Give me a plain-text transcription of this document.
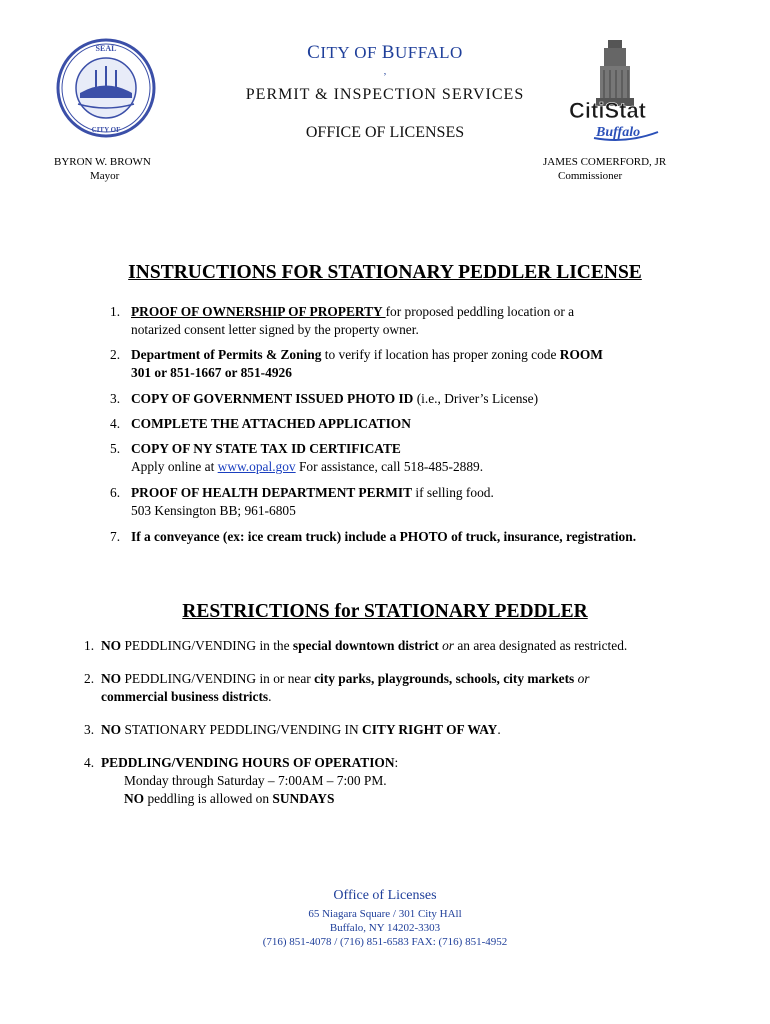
SEAL
CITY OF
CitiStat
Buffalo
CITY OF BUFFALO
,
PERMIT & INSPECTION SERVICES
OFFICE OF LICENSES
BYRON W. BROWN
Mayor
JAMES COMERFORD, JR
Commissioner
INSTRUCTIONS FOR STATIONARY PEDDLER LICENSE
1. PROOF OF OWNERSHIP OF PROPERTY for proposed peddling location or a
notarized consent letter signed by the property owner.
2. Department of Permits & Zoning to verify if location has proper zoning code ROOM
301 or 851-1667 or 851-4926
3. COPY OF GOVERNMENT ISSUED PHOTO ID (i.e., Driver’s License)
4. COMPLETE THE ATTACHED APPLICATION
5. COPY OF NY STATE TAX ID CERTIFICATE
Apply online at www.opal.gov For assistance, call 518-485-2889.
6. PROOF OF HEALTH DEPARTMENT PERMIT if selling food.
503 Kensington BB; 961-6805
7. If a conveyance (ex: ice cream truck) include a PHOTO of truck, insurance, registration.
RESTRICTIONS for STATIONARY PEDDLER
1. NO PEDDLING/VENDING in the special downtown district or an area designated as restricted.
2. NO PEDDLING/VENDING in or near city parks, playgrounds, schools, city markets or
commercial business districts.
3. NO STATIONARY PEDDLING/VENDING IN CITY RIGHT OF WAY.
4. PEDDLING/VENDING HOURS OF OPERATION:
Monday through Saturday – 7:00AM – 7:00 PM.
NO peddling is allowed on SUNDAYS
Office of Licenses
65 Niagara Square / 301 City HAll
Buffalo, NY 14202-3303
(716) 851-4078 / (716) 851-6583 FAX: (716) 851-4952
